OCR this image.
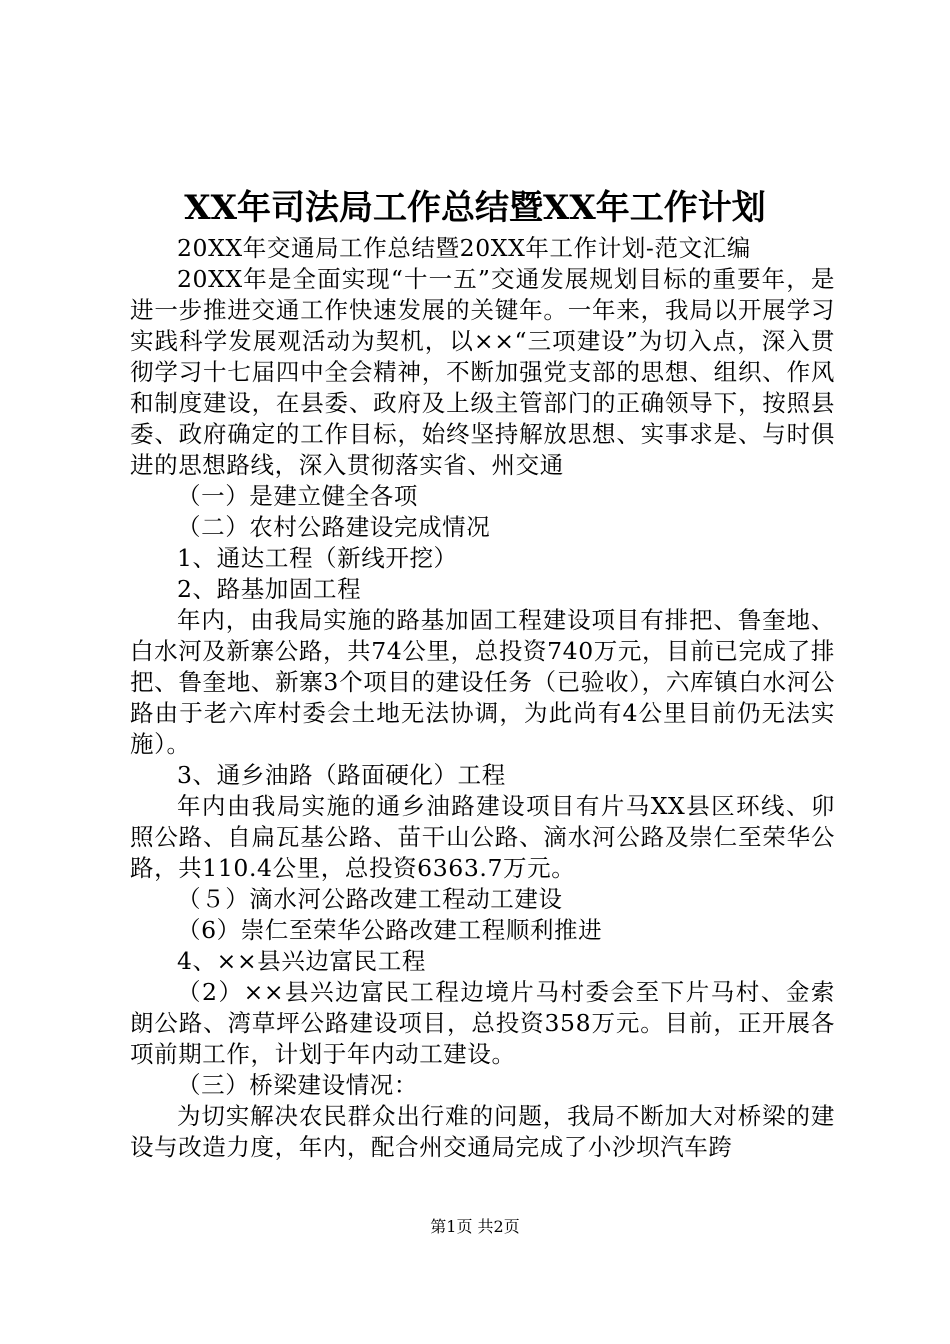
XX年司法局工作总结暨XX年工作计划

20XX年交通局工作总结暨20XX年工作计划-范文汇编

20XX年是全面实现“十一五”交通发展规划目标的重要年，是进一步推进交通工作快速发展的关键年。一年来，我局以开展学习实践科学发展观活动为契机，以××“三项建设”为切入点，深入贯彻学习十七届四中全会精神，不断加强党支部的思想、组织、作风和制度建设，在县委、政府及上级主管部门的正确领导下，按照县委、政府确定的工作目标，始终坚持解放思想、实事求是、与时俱进的思想路线，深入贯彻落实省、州交通

（一）是建立健全各项

（二）农村公路建设完成情况

1、通达工程（新线开挖）

2、路基加固工程

年内，由我局实施的路基加固工程建设项目有排把、鲁奎地、白水河及新寨公路，共74公里，总投资740万元，目前已完成了排把、鲁奎地、新寨3个项目的建设任务（已验收），六库镇白水河公路由于老六库村委会土地无法协调，为此尚有4公里目前仍无法实施）。

3、通乡油路（路面硬化）工程

年内由我局实施的通乡油路建设项目有片马XX县区环线、卯照公路、自扁瓦基公路、苗干山公路、滴水河公路及崇仁至荣华公路，共110.4公里，总投资6363.7万元。

（５）滴水河公路改建工程动工建设

（6）崇仁至荣华公路改建工程顺利推进

4、××县兴边富民工程

（2）××县兴边富民工程边境片马村委会至下片马村、金索朗公路、湾草坪公路建设项目，总投资358万元。目前，正开展各项前期工作，计划于年内动工建设。

（三）桥梁建设情况：

为切实解决农民群众出行难的问题，我局不断加大对桥梁的建设与改造力度，年内，配合州交通局完成了小沙坝汽车跨

第1页 共2页
